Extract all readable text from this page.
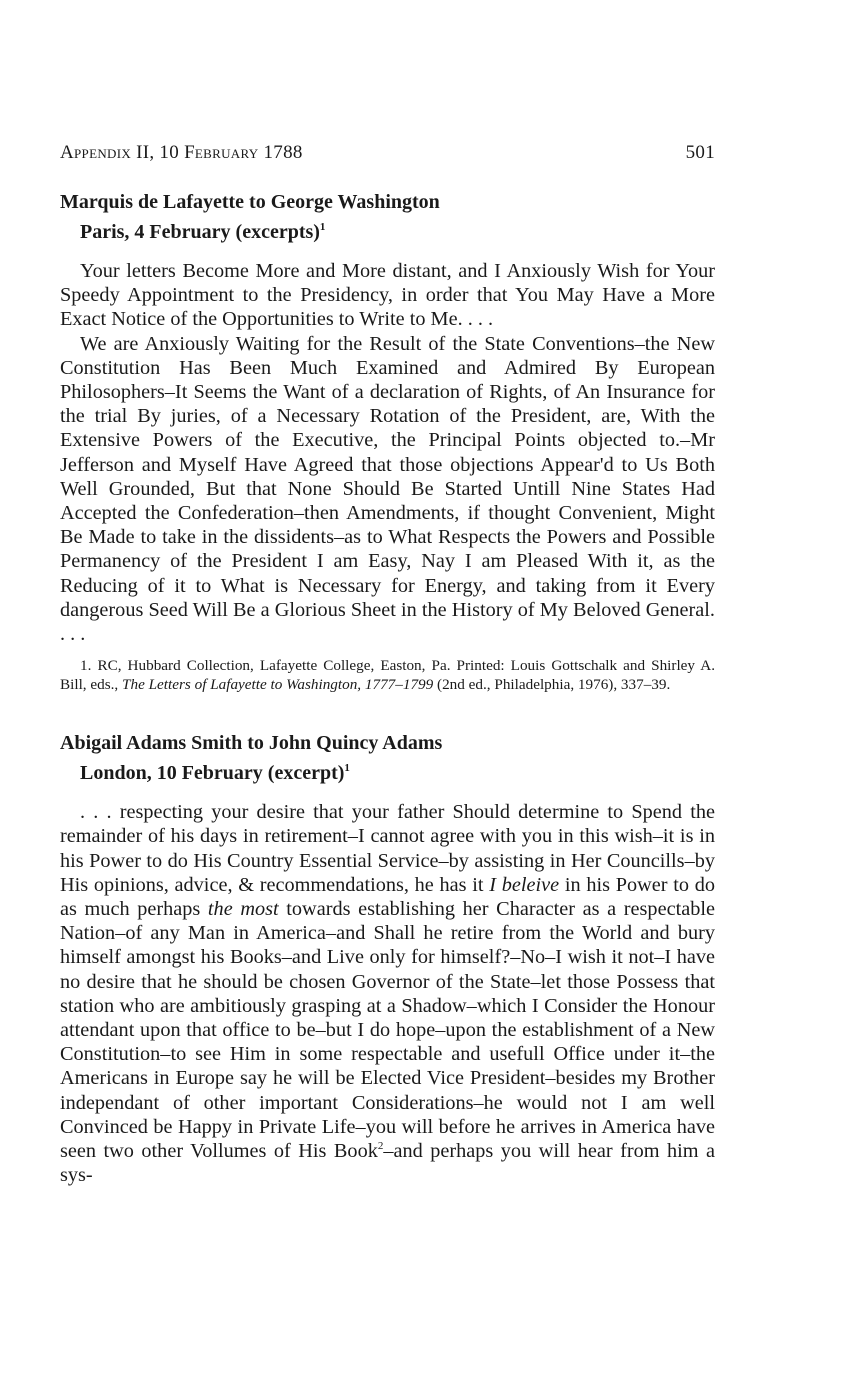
Appendix II, 10 February 1788	501
Marquis de Lafayette to George Washington
Paris, 4 February (excerpts)$^1$

Your letters Become More and More distant, and I Anxiously Wish for Your Speedy Appointment to the Presidency, in order that You May Have a More Exact Notice of the Opportunities to Write to Me. . . .

We are Anxiously Waiting for the Result of the State Conventions–the New Constitution Has Been Much Examined and Admired By European Philosophers–It Seems the Want of a declaration of Rights, of An Insurance for the trial By juries, of a Necessary Rotation of the President, are, With the Extensive Powers of the Executive, the Principal Points objected to.–Mr Jefferson and Myself Have Agreed that those objections Appear'd to Us Both Well Grounded, But that None Should Be Started Untill Nine States Had Accepted the Confederation–then Amendments, if thought Convenient, Might Be Made to take in the dissidents–as to What Respects the Powers and Possible Permanency of the President I am Easy, Nay I am Pleased With it, as the Reducing of it to What is Necessary for Energy, and taking from it Every dangerous Seed Will Be a Glorious Sheet in the History of My Beloved General. . . .

1. RC, Hubbard Collection, Lafayette College, Easton, Pa. Printed: Louis Gottschalk and Shirley A. Bill, eds., The Letters of Lafayette to Washington, 1777–1799 (2nd ed., Philadelphia, 1976), 337–39.

Abigail Adams Smith to John Quincy Adams
London, 10 February (excerpt)$^1$

. . . respecting your desire that your father Should determine to Spend the remainder of his days in retirement–I cannot agree with you in this wish–it is in his Power to do His Country Essential Service–by assisting in Her Councills–by His opinions, advice, & recommendations, he has it I beleive in his Power to do as much perhaps the most towards establishing her Character as a respectable Nation–of any Man in America–and Shall he retire from the World and bury himself amongst his Books–and Live only for himself?–No–I wish it not–I have no desire that he should be chosen Governor of the State–let those Possess that station who are ambitiously grasping at a Shadow–which I Consider the Honour attendant upon that office to be–but I do hope–upon the establishment of a New Constitution–to see Him in some respectable and usefull Office under it–the Americans in Europe say he will be Elected Vice President–besides my Brother independant of other important Considerations–he would not I am well Convinced be Happy in Private Life–you will before he arrives in America have seen two other Vollumes of His Book$^2$–and perhaps you will hear from him a sys-
